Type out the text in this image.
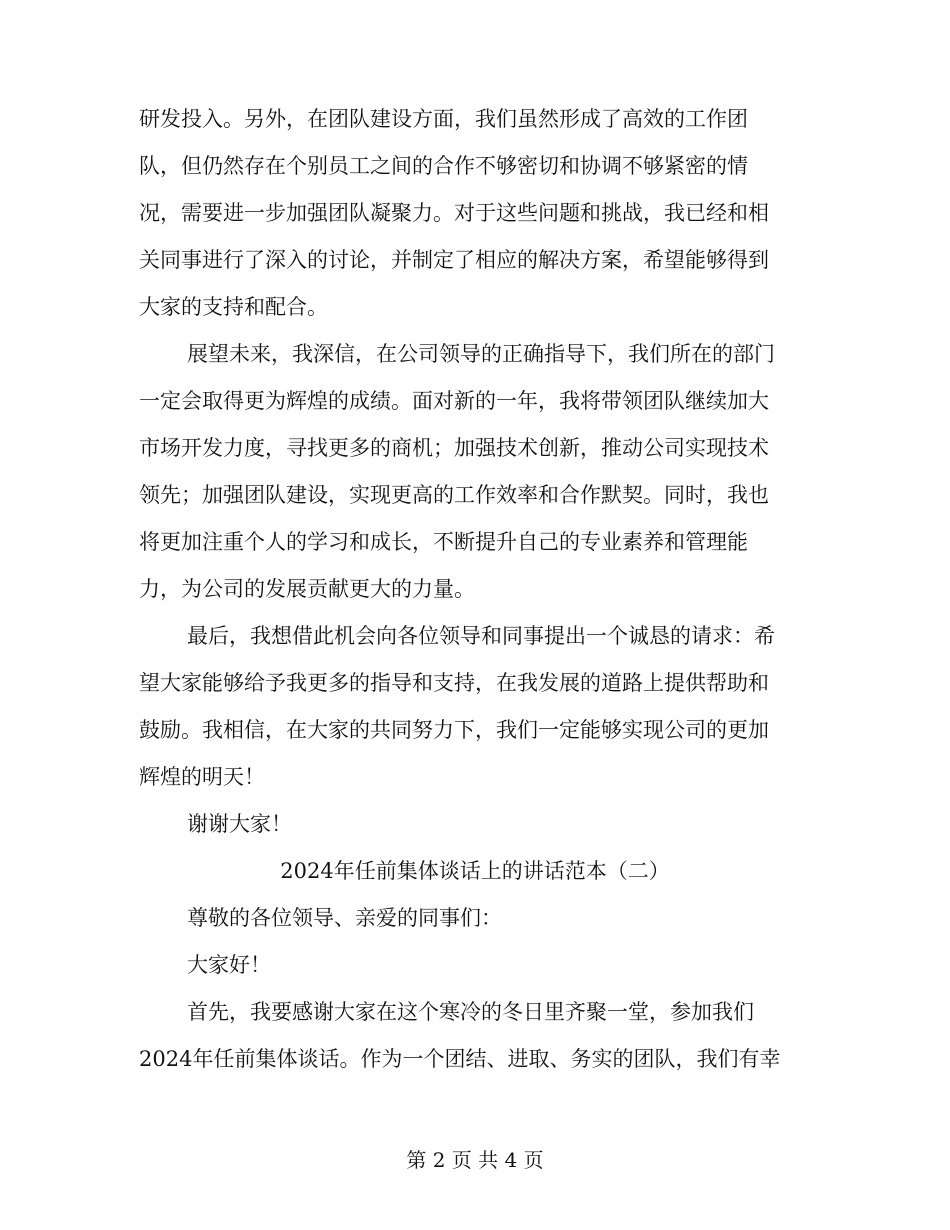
研发投入。另外，在团队建设方面，我们虽然形成了高效的工作团
队，但仍然存在个别员工之间的合作不够密切和协调不够紧密的情
况，需要进一步加强团队凝聚力。对于这些问题和挑战，我已经和相
关同事进行了深入的讨论，并制定了相应的解决方案，希望能够得到
大家的支持和配合。
展望未来，我深信，在公司领导的正确指导下，我们所在的部门
一定会取得更为辉煌的成绩。面对新的一年，我将带领团队继续加大
市场开发力度，寻找更多的商机；加强技术创新，推动公司实现技术
领先；加强团队建设，实现更高的工作效率和合作默契。同时，我也
将更加注重个人的学习和成长，不断提升自己的专业素养和管理能
力，为公司的发展贡献更大的力量。
最后，我想借此机会向各位领导和同事提出一个诚恳的请求：希
望大家能够给予我更多的指导和支持，在我发展的道路上提供帮助和
鼓励。我相信，在大家的共同努力下，我们一定能够实现公司的更加
辉煌的明天！
谢谢大家！
2024年任前集体谈话上的讲话范本（二）
尊敬的各位领导、亲爱的同事们：
大家好！
首先，我要感谢大家在这个寒冷的冬日里齐聚一堂，参加我们
2024年任前集体谈话。作为一个团结、进取、务实的团队，我们有幸
第 2 页 共 4 页
